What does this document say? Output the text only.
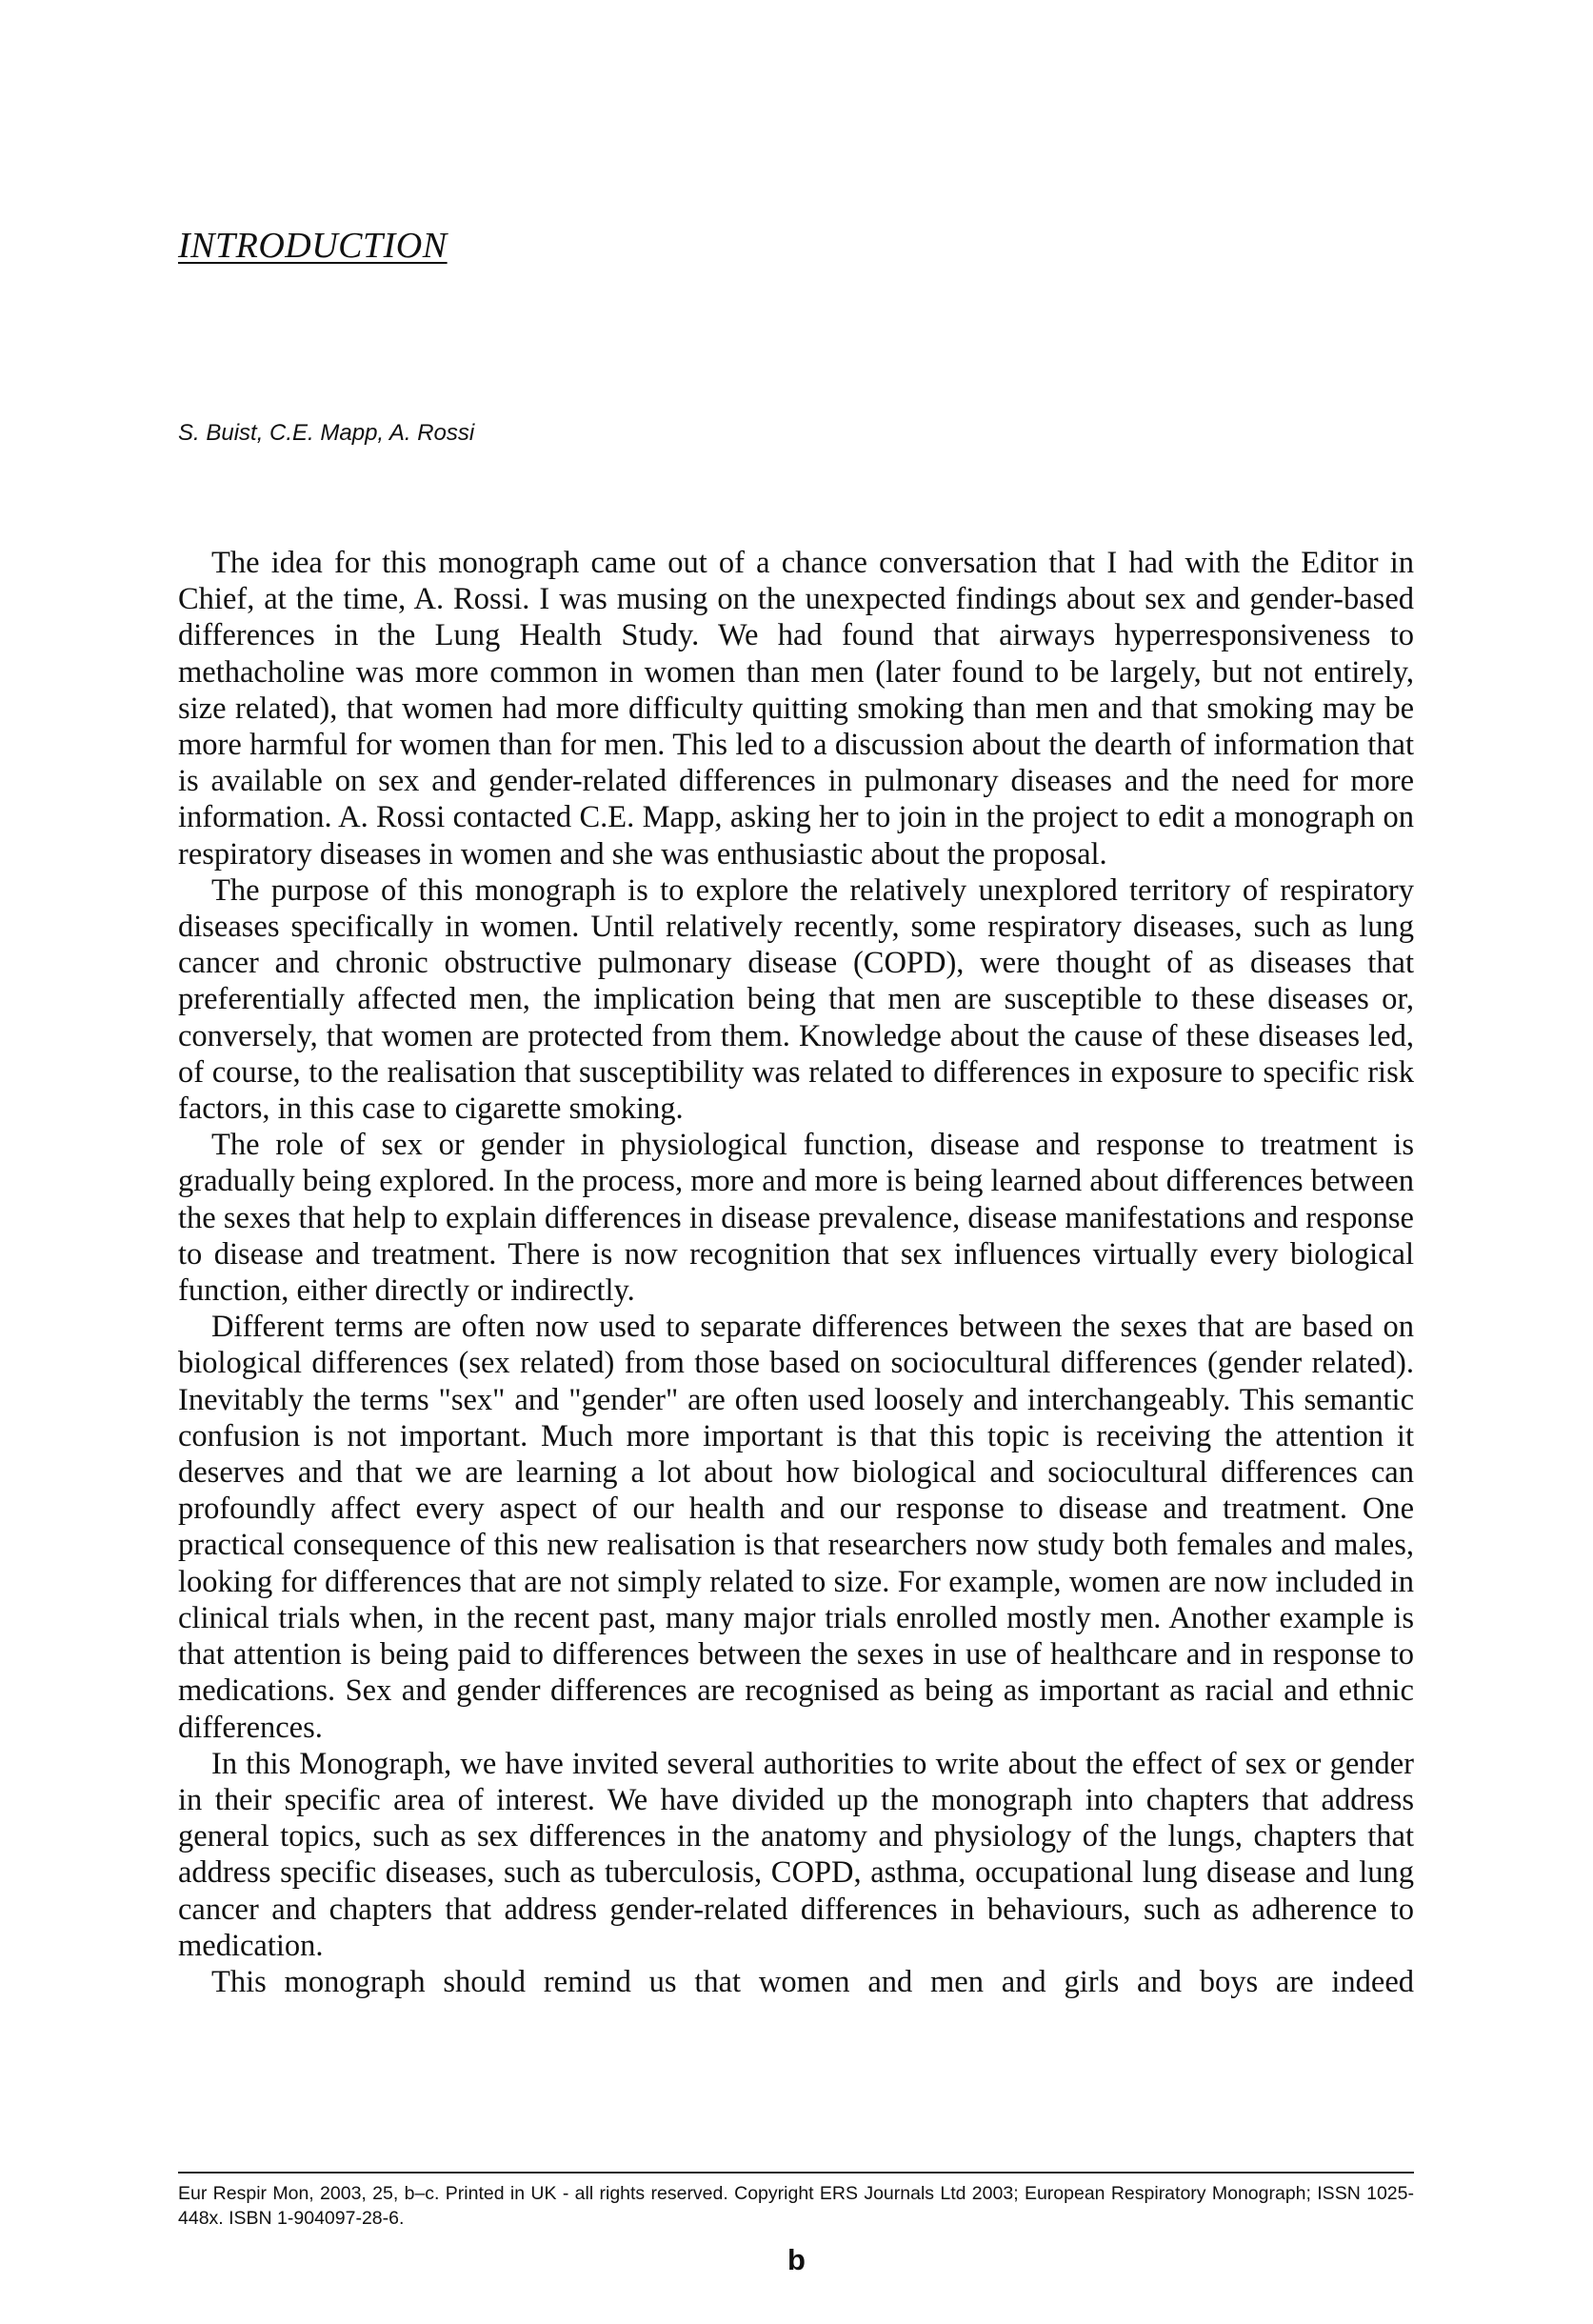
INTRODUCTION

S. Buist, C.E. Mapp, A. Rossi

The idea for this monograph came out of a chance conversation that I had with the Editor in Chief, at the time, A. Rossi. I was musing on the unexpected findings about sex and gender-based differences in the Lung Health Study. We had found that airways hyperresponsiveness to methacholine was more common in women than men (later found to be largely, but not entirely, size related), that women had more difficulty quitting smoking than men and that smoking may be more harmful for women than for men. This led to a discussion about the dearth of information that is available on sex and gender-related differences in pulmonary diseases and the need for more information. A. Rossi contacted C.E. Mapp, asking her to join in the project to edit a monograph on respiratory diseases in women and she was enthusiastic about the proposal.

The purpose of this monograph is to explore the relatively unexplored territory of respiratory diseases specifically in women. Until relatively recently, some respiratory diseases, such as lung cancer and chronic obstructive pulmonary disease (COPD), were thought of as diseases that preferentially affected men, the implication being that men are susceptible to these diseases or, conversely, that women are protected from them. Knowledge about the cause of these diseases led, of course, to the realisation that susceptibility was related to differences in exposure to specific risk factors, in this case to cigarette smoking.

The role of sex or gender in physiological function, disease and response to treatment is gradually being explored. In the process, more and more is being learned about differences between the sexes that help to explain differences in disease prevalence, disease manifestations and response to disease and treatment. There is now recognition that sex influences virtually every biological function, either directly or indirectly.

Different terms are often now used to separate differences between the sexes that are based on biological differences (sex related) from those based on sociocultural differences (gender related). Inevitably the terms "sex" and "gender" are often used loosely and interchangeably. This semantic confusion is not important. Much more important is that this topic is receiving the attention it deserves and that we are learning a lot about how biological and sociocultural differences can profoundly affect every aspect of our health and our response to disease and treatment. One practical consequence of this new realisation is that researchers now study both females and males, looking for differences that are not simply related to size. For example, women are now included in clinical trials when, in the recent past, many major trials enrolled mostly men. Another example is that attention is being paid to differences between the sexes in use of healthcare and in response to medications. Sex and gender differences are recognised as being as important as racial and ethnic differences.

In this Monograph, we have invited several authorities to write about the effect of sex or gender in their specific area of interest. We have divided up the monograph into chapters that address general topics, such as sex differences in the anatomy and physiology of the lungs, chapters that address specific diseases, such as tuberculosis, COPD, asthma, occupational lung disease and lung cancer and chapters that address gender-related differences in behaviours, such as adherence to medication.

This monograph should remind us that women and men and girls and boys are indeed

Eur Respir Mon, 2003, 25, b–c. Printed in UK - all rights reserved. Copyright ERS Journals Ltd 2003; European Respiratory Monograph; ISSN 1025-448x. ISBN 1-904097-28-6.

b
